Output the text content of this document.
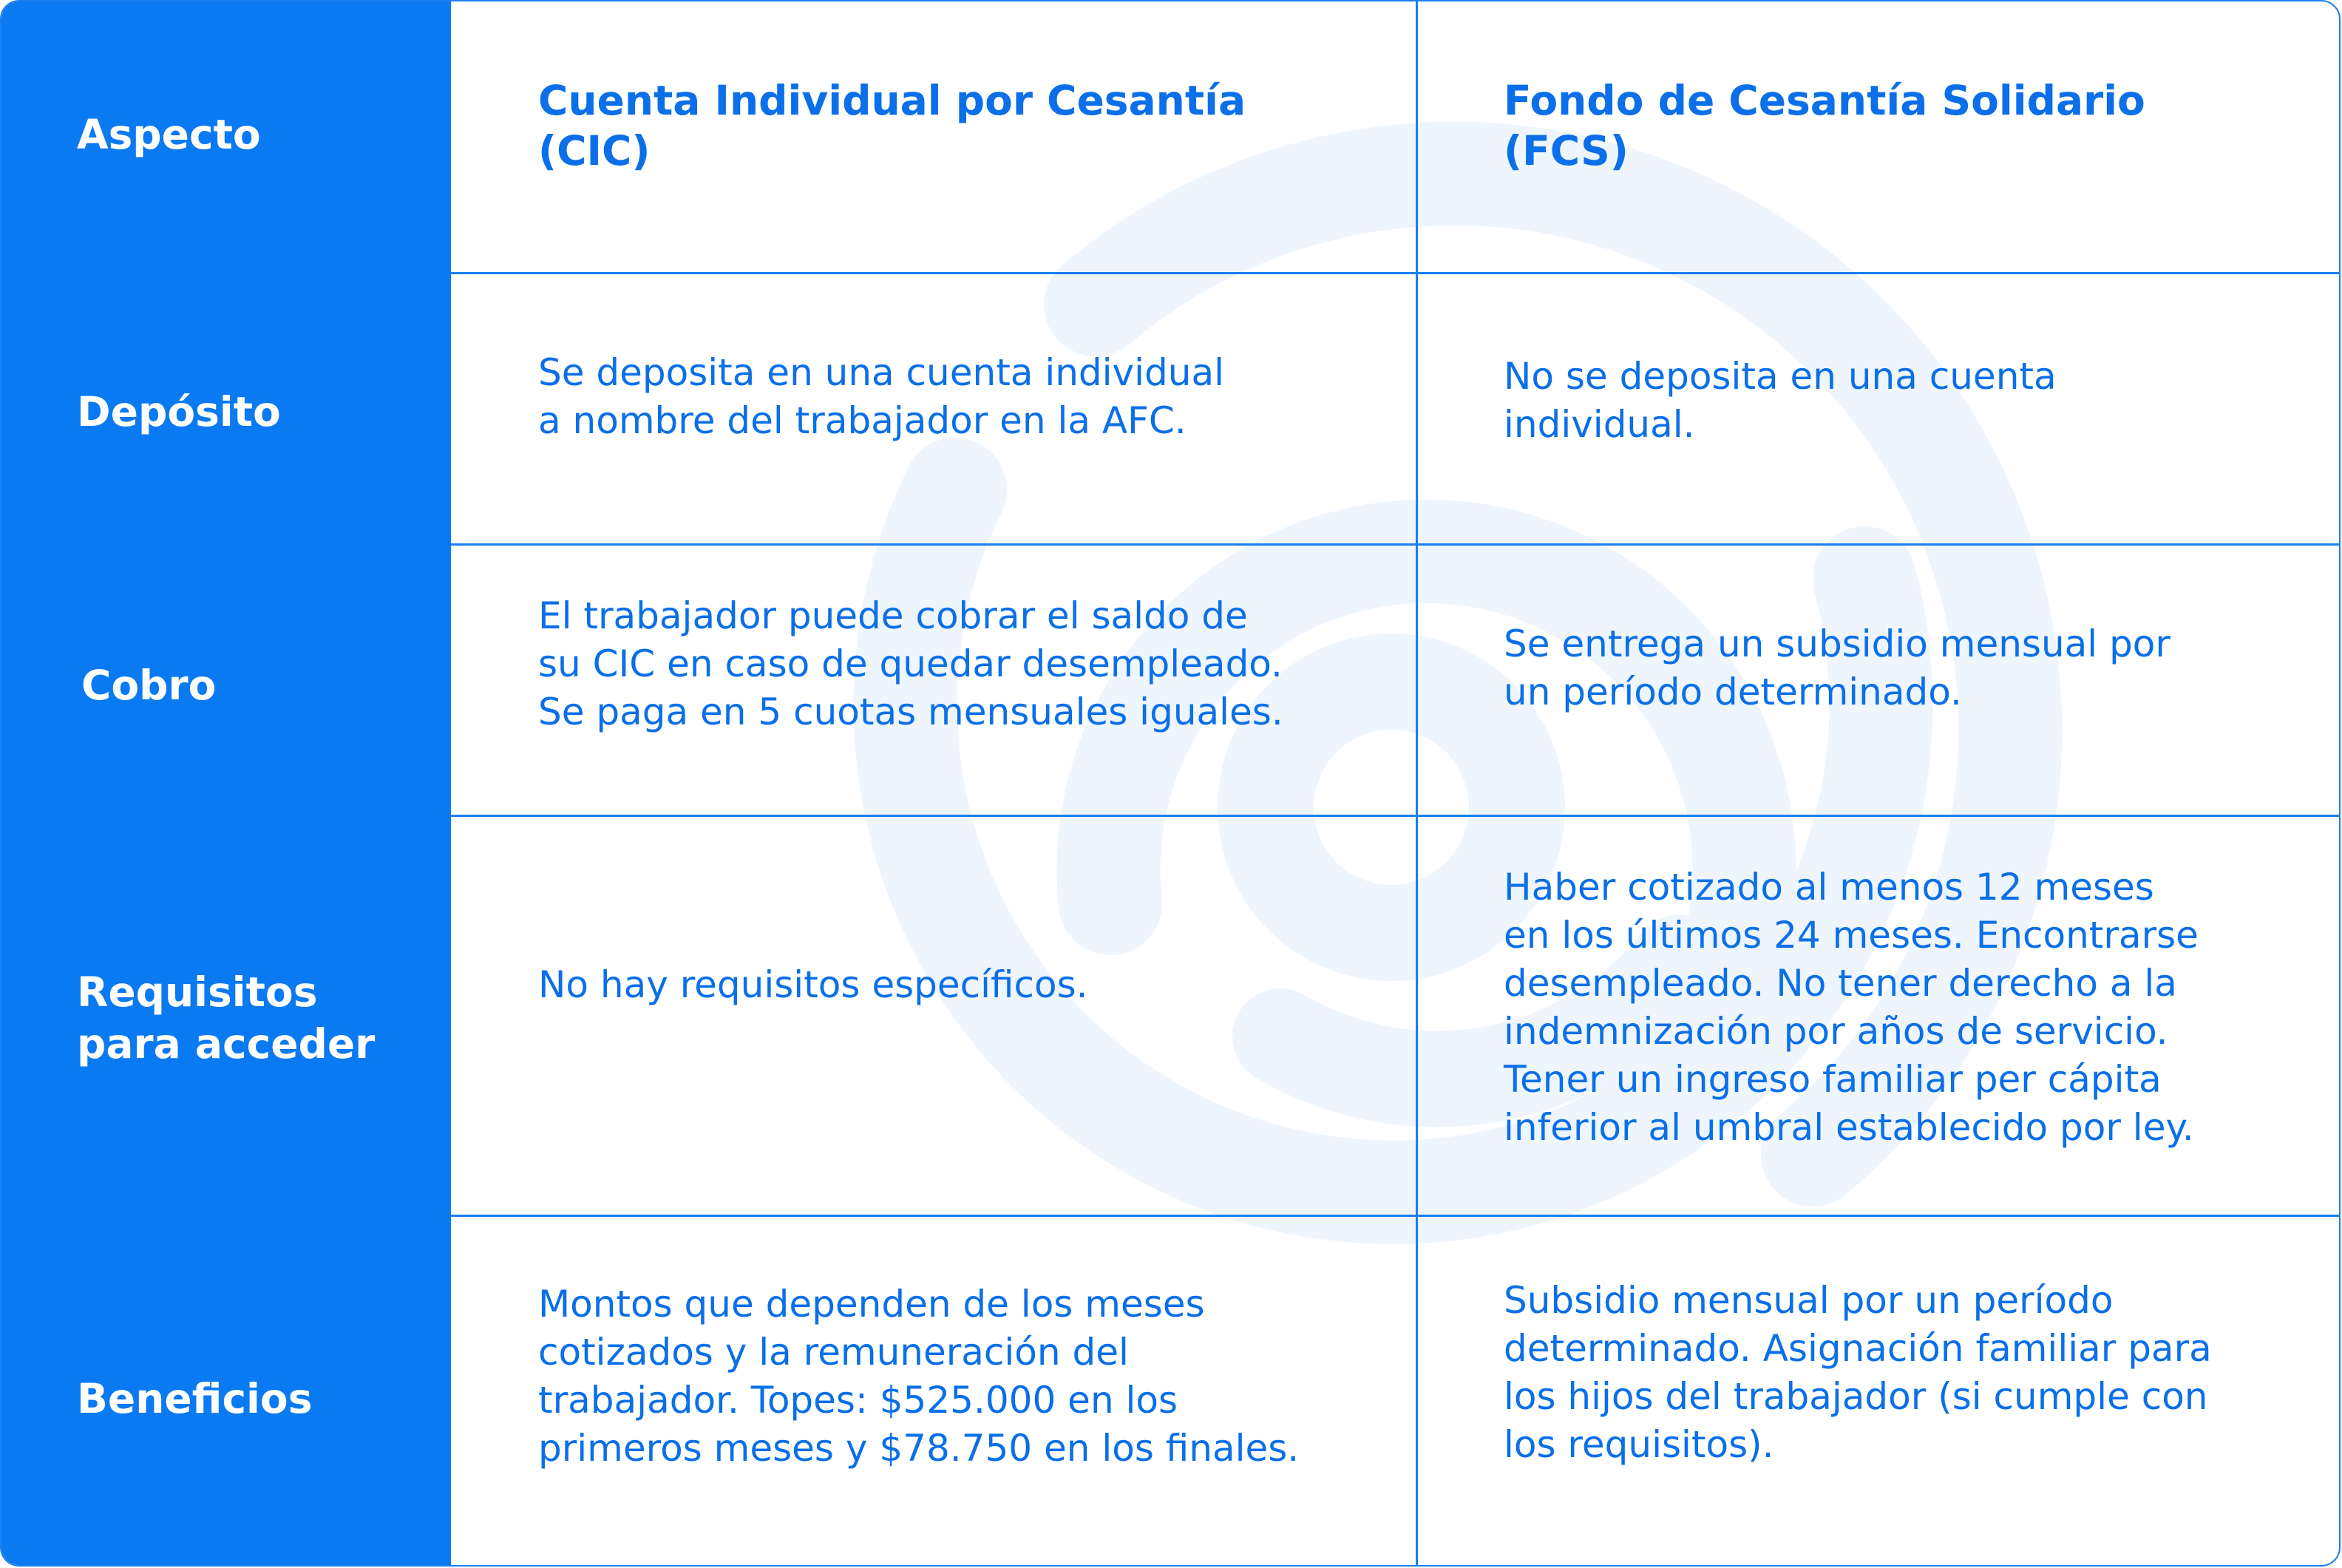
Aspecto
Depósito
Cobro
Requisitos
para acceder
Beneficios
Cuenta Individual por Cesantía
(CIC)
Fondo de Cesantía Solidario
(FCS)
Se deposita en una cuenta individual
a nombre del trabajador en la AFC.
No se deposita en una cuenta
individual.
El trabajador puede cobrar el saldo de
su CIC en caso de quedar desempleado.
Se paga en 5 cuotas mensuales iguales.
Se entrega un subsidio mensual por
un período determinado.
No hay requisitos específicos.
Haber cotizado al menos 12 meses
en los últimos 24 meses. Encontrarse
desempleado. No tener derecho a la
indemnización por años de servicio.
Tener un ingreso familiar per cápita
inferior al umbral establecido por ley.
Montos que dependen de los meses
cotizados y la remuneración del
trabajador. Topes: $525.000 en los
primeros meses y $78.750 en los finales.
Subsidio mensual por un período
determinado. Asignación familiar para
los hijos del trabajador (si cumple con
los requisitos).
